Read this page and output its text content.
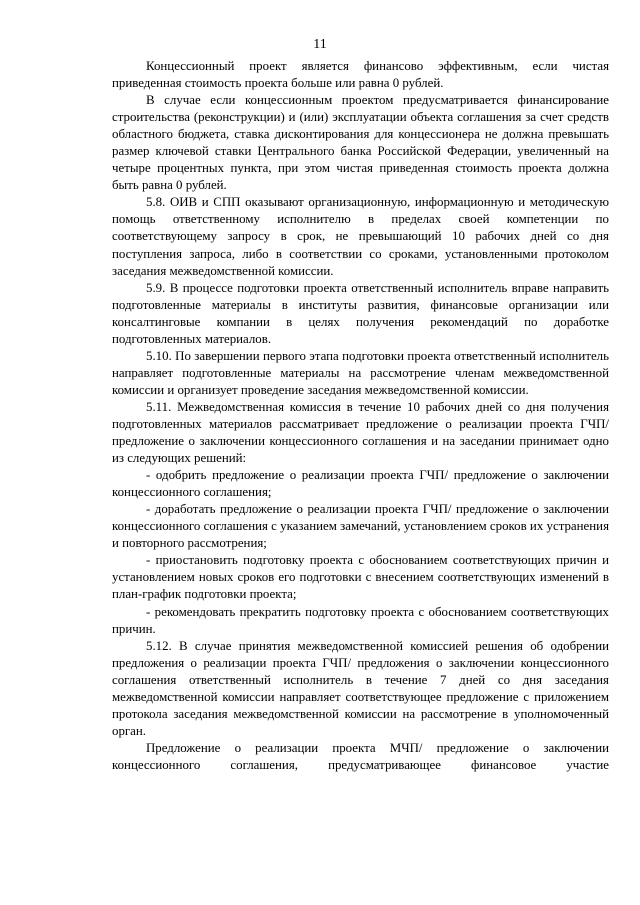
11

Концессионный проект является финансово эффективным, если чистая приведенная стоимость проекта больше или равна 0 рублей.

В случае если концессионным проектом предусматривается финансирование строительства (реконструкции) и (или) эксплуатации объекта соглашения за счет средств областного бюджета, ставка дисконтирования для концессионера не должна превышать размер ключевой ставки Центрального банка Российской Федерации, увеличенный на четыре процентных пункта, при этом чистая приведенная стоимость проекта должна быть равна 0 рублей.

5.8. ОИВ и СПП оказывают организационную, информационную и методическую помощь ответственному исполнителю в пределах своей компетенции по соответствующему запросу в срок, не превышающий 10 рабочих дней со дня поступления запроса, либо в соответствии со сроками, установленными протоколом заседания межведомственной комиссии.

5.9. В процессе подготовки проекта ответственный исполнитель вправе направить подготовленные материалы в институты развития, финансовые организации или консалтинговые компании в целях получения рекомендаций по доработке подготовленных материалов.

5.10. По завершении первого этапа подготовки проекта ответственный исполнитель направляет подготовленные материалы на рассмотрение членам межведомственной комиссии и организует проведение заседания межведомственной комиссии.

5.11. Межведомственная комиссия в течение 10 рабочих дней со дня получения подготовленных материалов рассматривает предложение о реализации проекта ГЧП/ предложение о заключении концессионного соглашения и на заседании принимает одно из следующих решений:

- одобрить предложение о реализации проекта ГЧП/ предложение о заключении концессионного соглашения;

- доработать предложение о реализации проекта ГЧП/ предложение о заключении концессионного соглашения с указанием замечаний, установлением сроков их устранения и повторного рассмотрения;

- приостановить подготовку проекта с обоснованием соответствующих причин и установлением новых сроков его подготовки с внесением соответствующих изменений в план-график подготовки проекта;

- рекомендовать прекратить подготовку проекта с обоснованием соответствующих причин.

5.12. В случае принятия межведомственной комиссией решения об одобрении предложения о реализации проекта ГЧП/ предложения о заключении концессионного соглашения ответственный исполнитель в течение 7 дней со дня заседания межведомственной комиссии направляет соответствующее предложение с приложением протокола заседания межведомственной комиссии на рассмотрение в уполномоченный орган.

Предложение о реализации проекта МЧП/ предложение о заключении концессионного соглашения, предусматривающее финансовое участие
